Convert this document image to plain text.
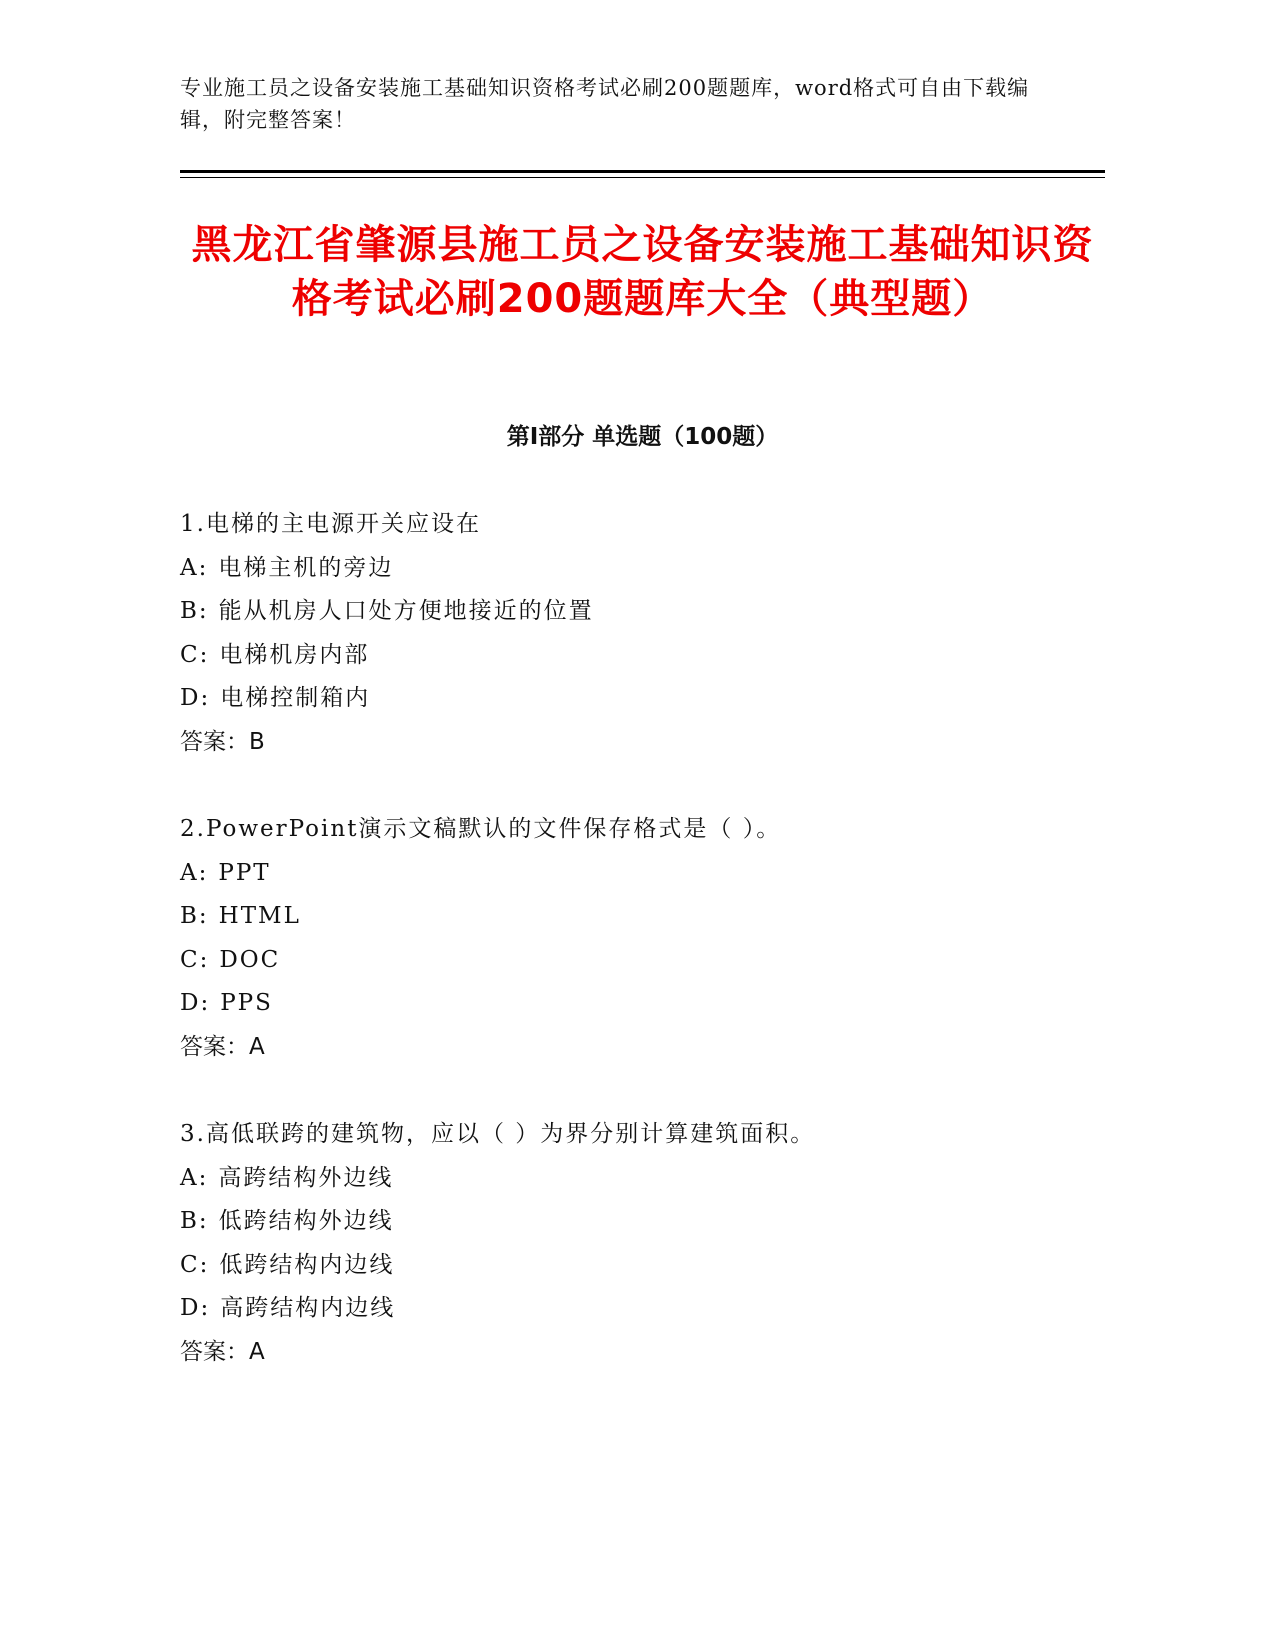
专业施工员之设备安装施工基础知识资格考试必刷200题题库，word格式可自由下载编辑，附完整答案！
黑龙江省肇源县施工员之设备安装施工基础知识资格考试必刷200题题库大全（典型题）
第Ⅰ部分 单选题（100题）
1.电梯的主电源开关应设在
A: 电梯主机的旁边
B: 能从机房人口处方便地接近的位置
C: 电梯机房内部
D: 电梯控制箱内
答案：B
2.PowerPoint演示文稿默认的文件保存格式是（ ）。
A: PPT
B: HTML
C: DOC
D: PPS
答案：A
3.高低联跨的建筑物，应以（ ）为界分别计算建筑面积。
A: 高跨结构外边线
B: 低跨结构外边线
C: 低跨结构内边线
D: 高跨结构内边线
答案：A
